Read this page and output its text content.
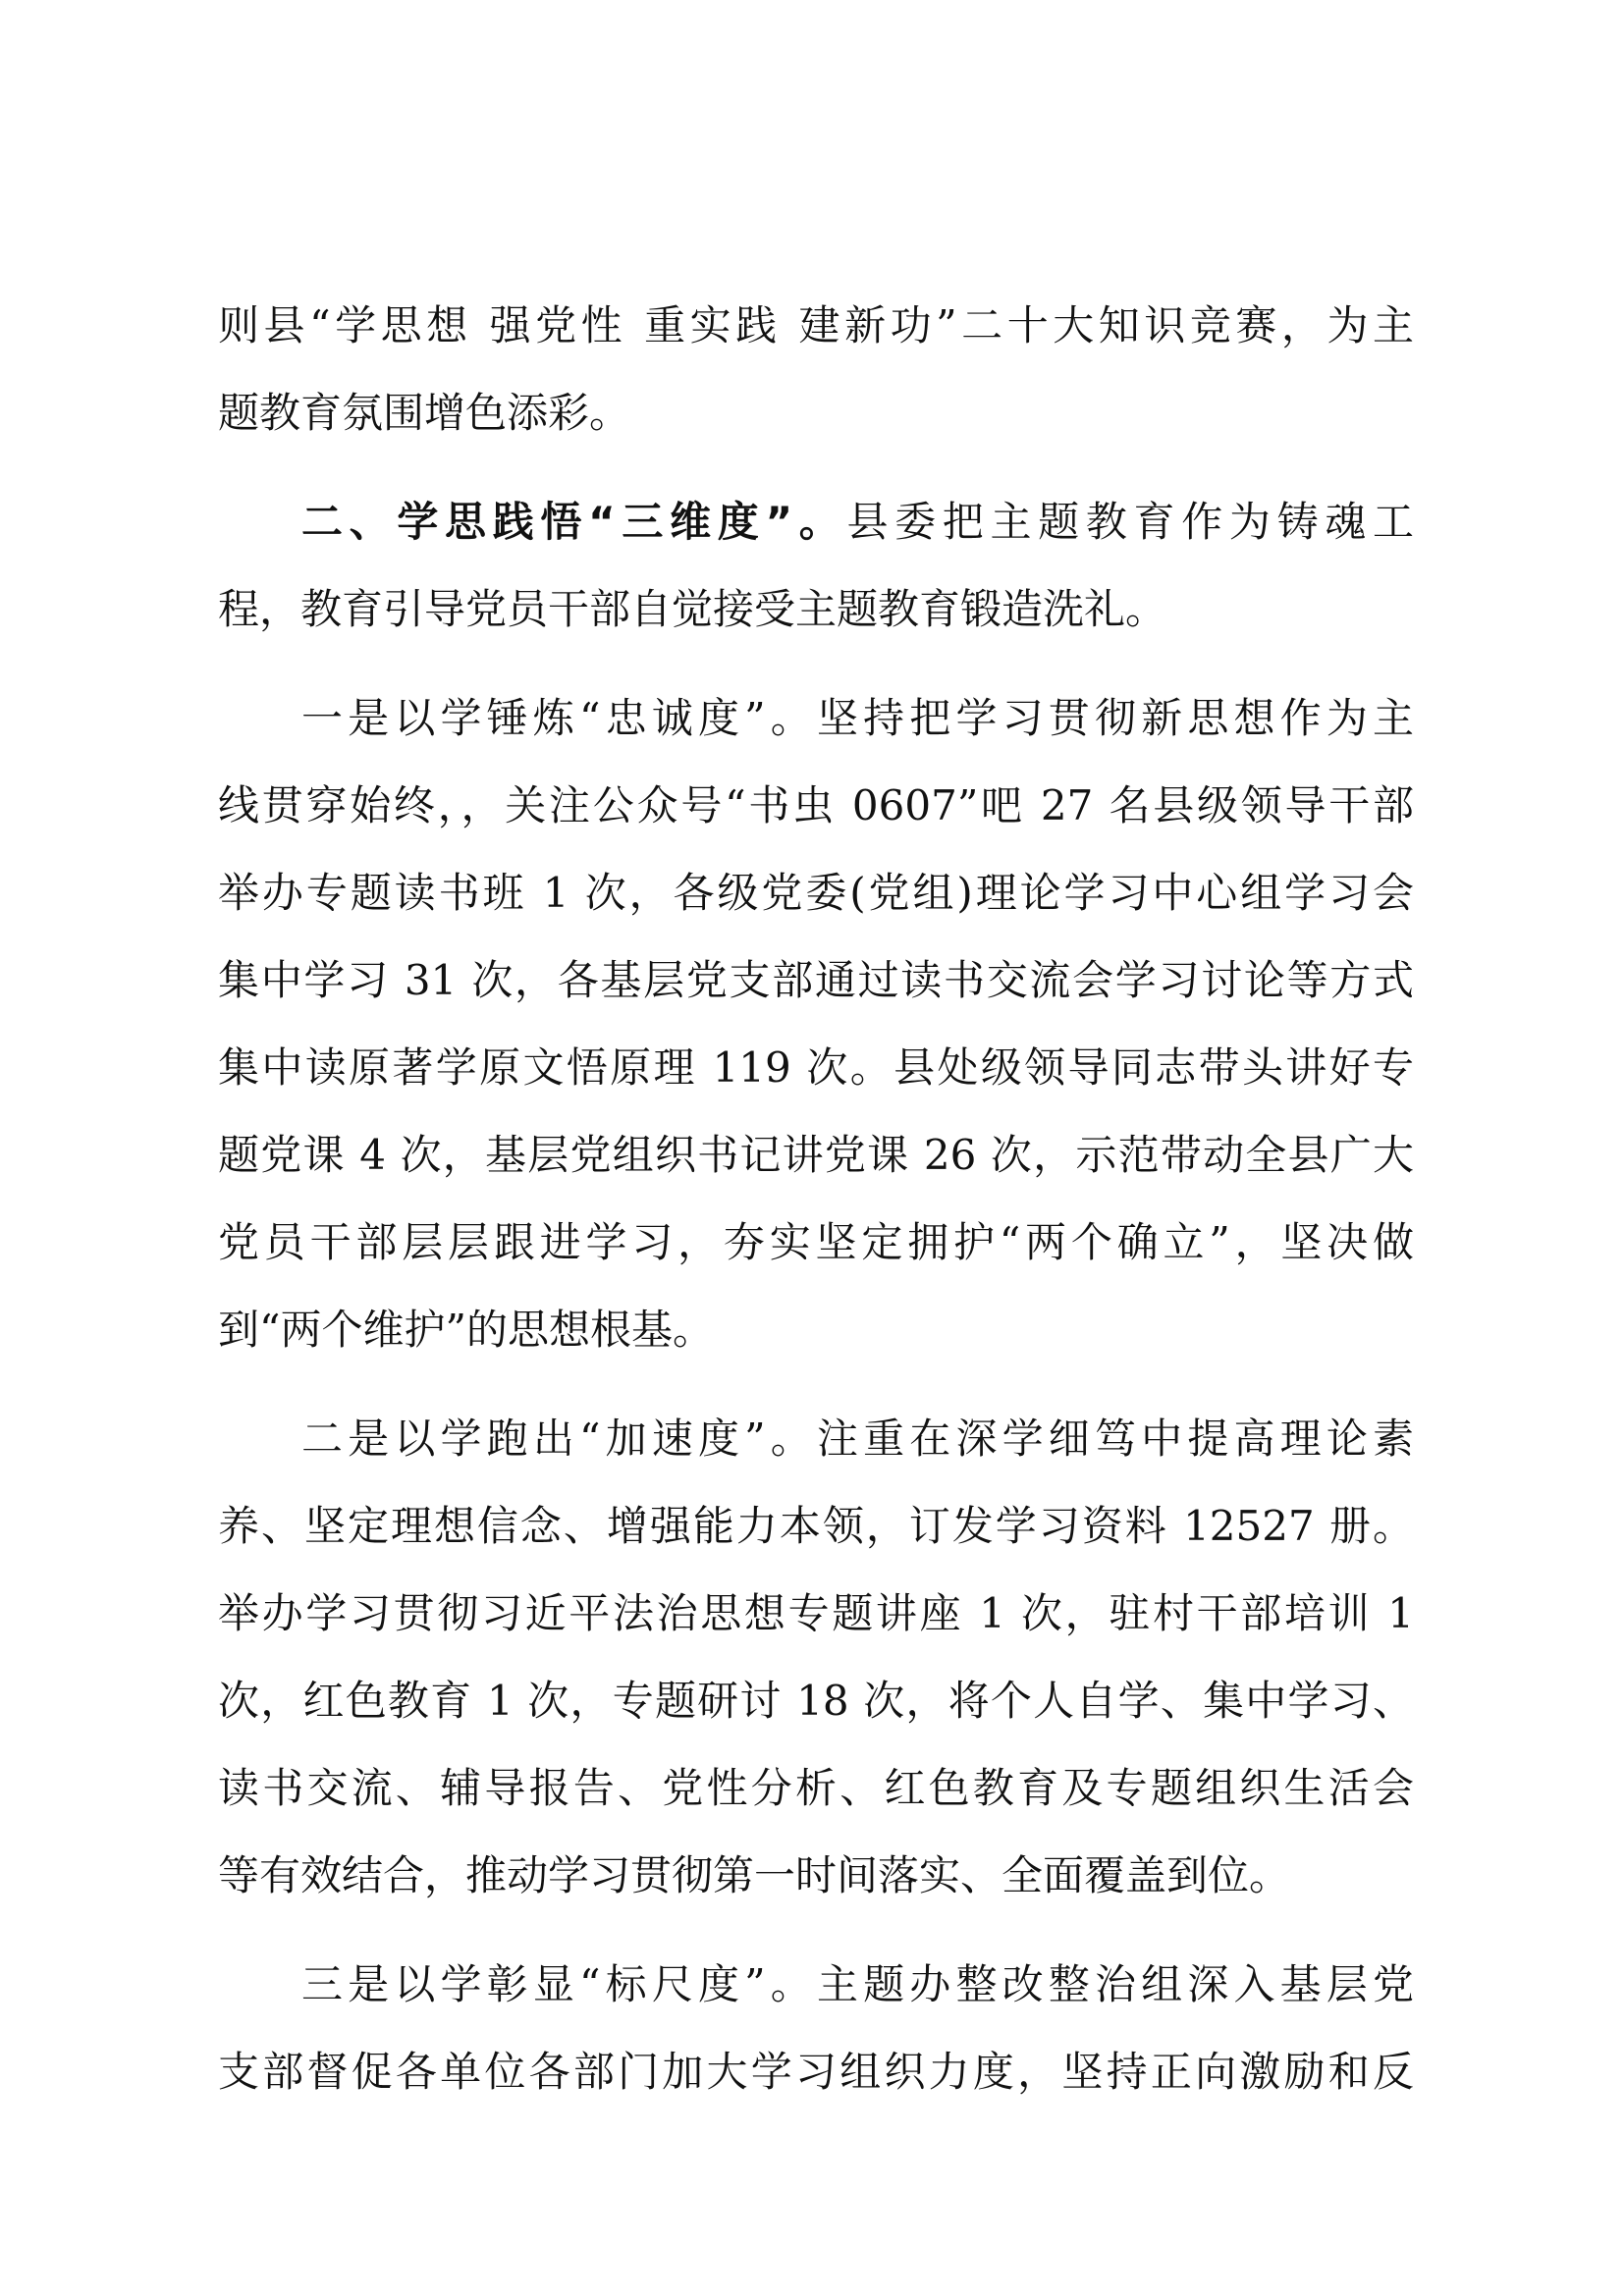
则县“学思想 强党性 重实践 建新功”二十大知识竞赛，为主
题教育氛围增色添彩。
二、学思践悟“三维度”。县委把主题教育作为铸魂工
程，教育引导党员干部自觉接受主题教育锻造洗礼。
一是以学锤炼“忠诚度”。坚持把学习贯彻新思想作为主
线贯穿始终，，关注公众号“书虫 0607”吧 27 名县级领导干部
举办专题读书班 1 次，各级党委(党组)理论学习中心组学习会
集中学习 31 次，各基层党支部通过读书交流会学习讨论等方式
集中读原著学原文悟原理 119 次。县处级领导同志带头讲好专
题党课 4 次，基层党组织书记讲党课 26 次，示范带动全县广大
党员干部层层跟进学习，夯实坚定拥护“两个确立”，坚决做
到“两个维护”的思想根基。
二是以学跑出“加速度”。注重在深学细笃中提高理论素
养、坚定理想信念、增强能力本领，订发学习资料 12527 册。
举办学习贯彻习近平法治思想专题讲座 1 次，驻村干部培训 1
次，红色教育 1 次，专题研讨 18 次，将个人自学、集中学习、
读书交流、辅导报告、党性分析、红色教育及专题组织生活会
等有效结合，推动学习贯彻第一时间落实、全面覆盖到位。
三是以学彰显“标尺度”。主题办整改整治组深入基层党
支部督促各单位各部门加大学习组织力度，坚持正向激励和反
